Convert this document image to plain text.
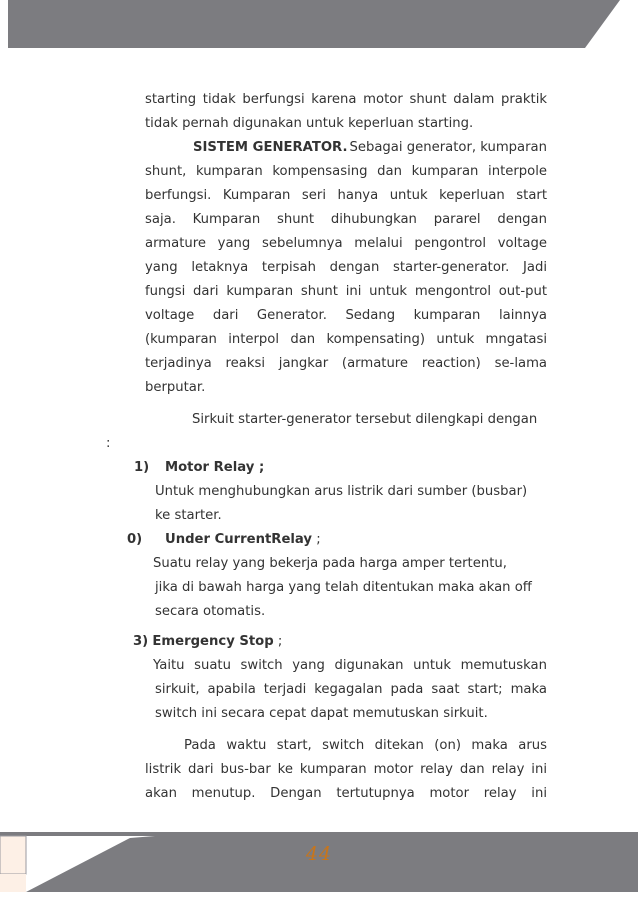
starting tidak berfungsi karena motor shunt dalam praktik
tidak pernah digunakan untuk keperluan starting.
SISTEM GENERATOR. Sebagai generator, kumparan
shunt, kumparan kompensasing dan kumparan interpole
berfungsi. Kumparan seri hanya untuk keperluan start
saja. Kumparan shunt dihubungkan pararel dengan
armature yang sebelumnya melalui pengontrol voltage
yang letaknya terpisah dengan starter-generator. Jadi
fungsi dari kumparan shunt ini untuk mengontrol out-put
voltage dari Generator. Sedang kumparan lainnya
(kumparan interpol dan kompensating) untuk mngatasi
terjadinya reaksi jangkar (armature reaction) se-lama
berputar.
Sirkuit starter-generator tersebut dilengkapi dengan
:
1) Motor Relay ;
Untuk menghubungkan arus listrik dari sumber (busbar)
ke starter.
0) Under CurrentRelay ;
Suatu relay yang bekerja pada harga amper tertentu,
jika di bawah harga yang telah ditentukan maka akan off
secara otomatis.
3) Emergency Stop ;
Yaitu suatu switch yang digunakan untuk memutuskan
sirkuit, apabila terjadi kegagalan pada saat start; maka
switch ini secara cepat dapat memutuskan sirkuit.
Pada waktu start, switch ditekan (on) maka arus
listrik dari bus-bar ke kumparan motor relay dan relay ini
akan menutup. Dengan tertutupnya motor relay ini
44
